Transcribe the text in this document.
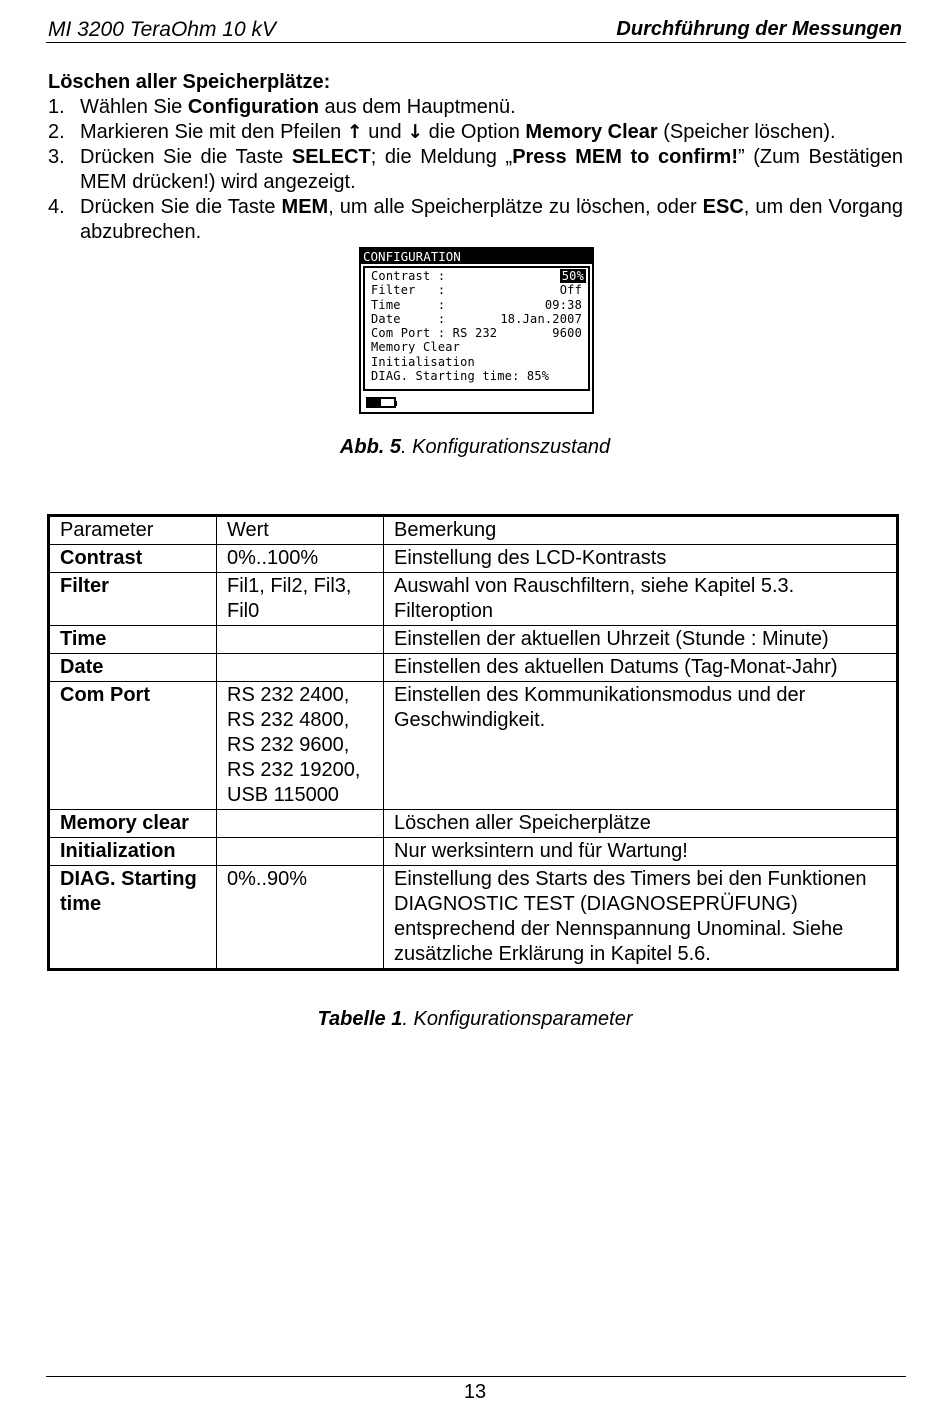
MI 3200 TeraOhm 10 kV	Durchführung der Messungen
Löschen aller Speicherplätze:
1. Wählen Sie Configuration aus dem Hauptmenü.
2. Markieren Sie mit den Pfeilen ↑ und ↓ die Option Memory Clear (Speicher löschen).
3. Drücken Sie die Taste SELECT; die Meldung „Press MEM to confirm!” (Zum Bestätigen MEM drücken!) wird angezeigt.
4. Drücken Sie die Taste MEM, um alle Speicherplätze zu löschen, oder ESC, um den Vorgang abzubrechen.
CONFIGURATION
Contrast :	50%
Filter   :	Off
Time     :	09:38
Date     :	18.Jan.2007
Com Port : RS 232	9600
Memory Clear
Initialisation
DIAG. Starting time: 85%
Abb. 5. Konfigurationszustand
Parameter	Wert	Bemerkung
Contrast	0%..100%	Einstellung des LCD-Kontrasts
Filter	Fil1, Fil2, Fil3, Fil0	Auswahl von Rauschfiltern, siehe Kapitel 5.3. Filteroption
Time		Einstellen der aktuellen Uhrzeit (Stunde : Minute)
Date		Einstellen des aktuellen Datums (Tag-Monat-Jahr)
Com Port	RS 232 2400, RS 232 4800, RS 232 9600, RS 232 19200, USB 115000	Einstellen des Kommunikationsmodus und der Geschwindigkeit.
Memory clear		Löschen aller Speicherplätze
Initialization		Nur werksintern und für Wartung!
DIAG. Starting time	0%..90%	Einstellung des Starts des Timers bei den Funktionen DIAGNOSTIC TEST (DIAGNOSEPRÜFUNG) entsprechend der Nennspannung Unominal. Siehe zusätzliche Erklärung in Kapitel 5.6.
Tabelle 1. Konfigurationsparameter
13
